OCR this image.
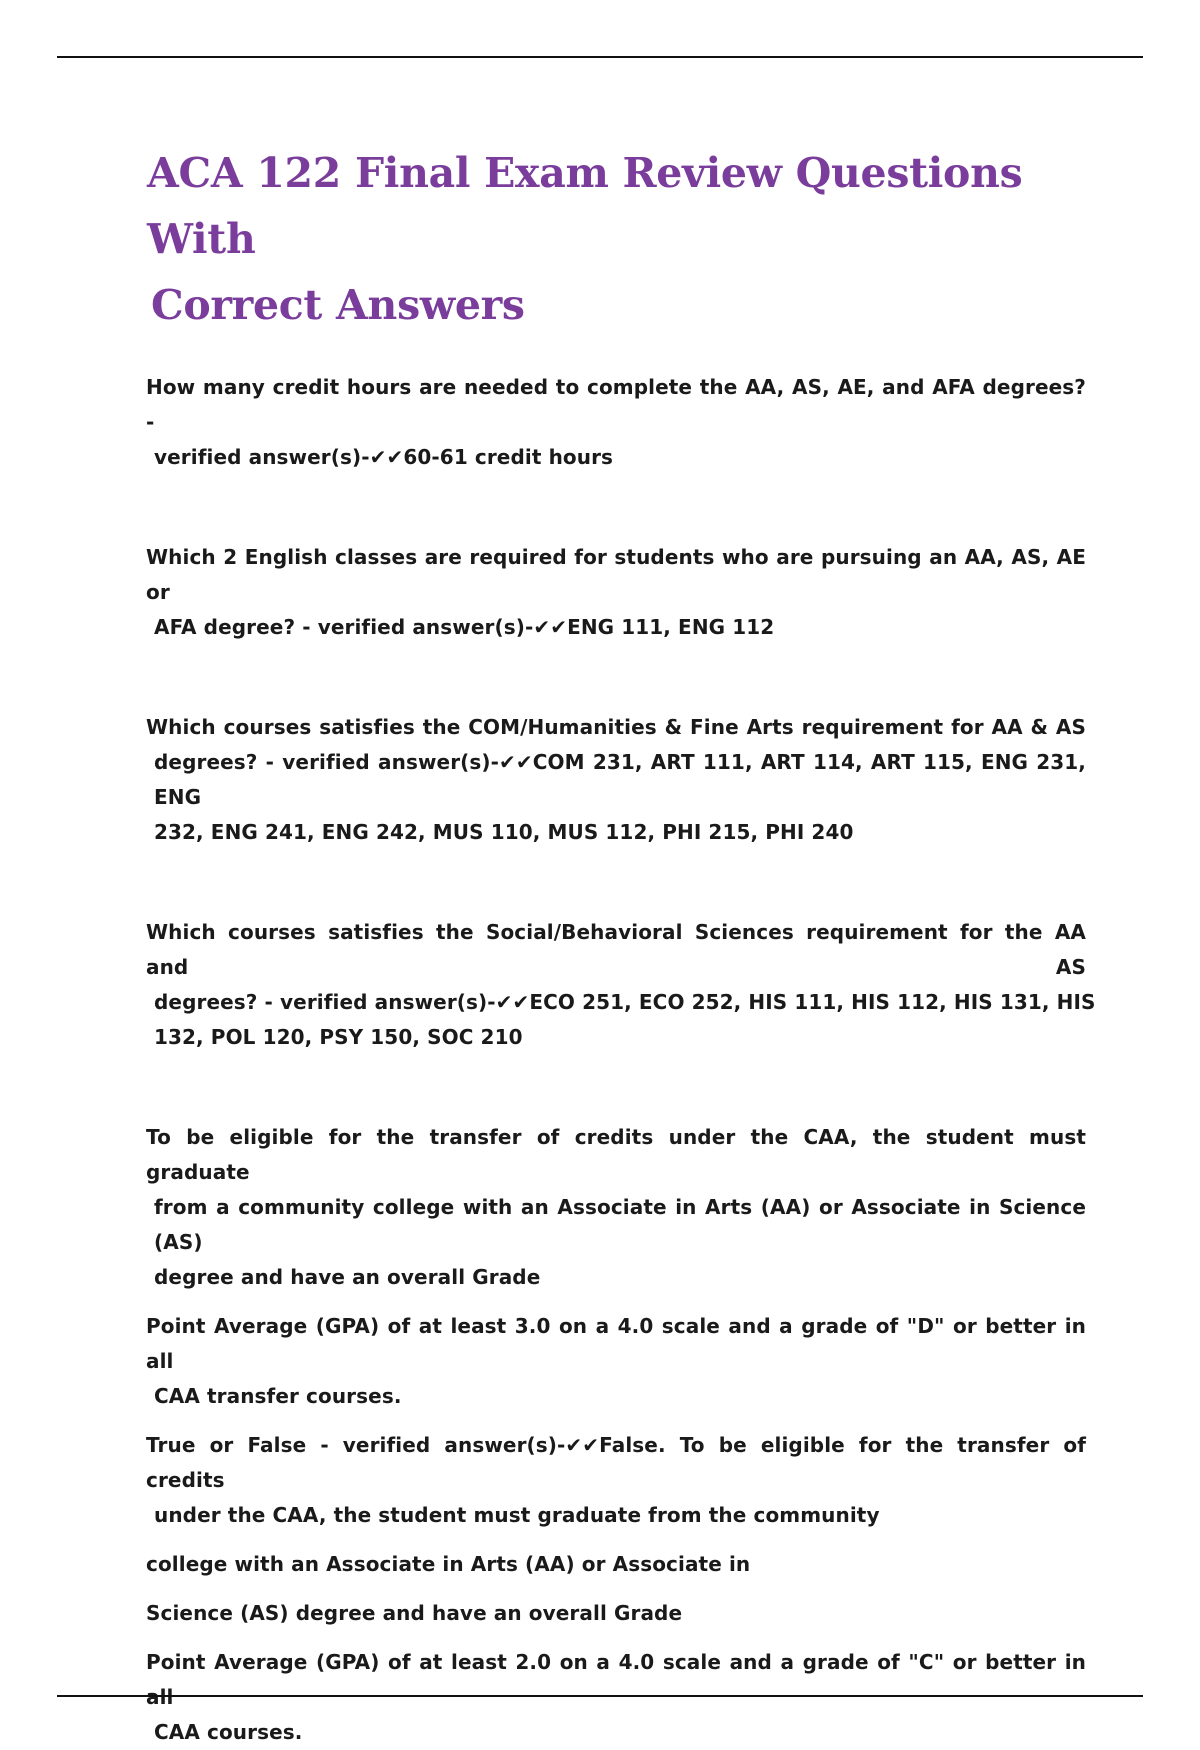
ACA 122 Final Exam Review Questions With
Correct Answers
How many credit hours are needed to complete the AA, AS, AE, and AFA degrees? -
verified answer(s)-✔✔60-61 credit hours
Which 2 English classes are required for students who are pursuing an AA, AS, AE or
AFA degree? - verified answer(s)-✔✔ENG 111, ENG 112
Which courses satisfies the COM/Humanities & Fine Arts requirement for AA & AS
degrees? - verified answer(s)-✔✔COM 231, ART 111, ART 114, ART 115, ENG 231, ENG
232, ENG 241, ENG 242, MUS 110, MUS 112, PHI 215, PHI 240
Which courses satisfies the Social/Behavioral Sciences requirement for the AA and AS
degrees? - verified answer(s)-✔✔ECO 251, ECO 252, HIS 111, HIS 112, HIS 131, HIS
132, POL 120, PSY 150, SOC 210
To be eligible for the transfer of credits under the CAA, the student must graduate
from a community college with an Associate in Arts (AA) or Associate in Science (AS)
degree and have an overall Grade
Point Average (GPA) of at least 3.0 on a 4.0 scale and a grade of "D" or better in all
CAA transfer courses.
True or False - verified answer(s)-✔✔False. To be eligible for the transfer of credits
under the CAA, the student must graduate from the community
college with an Associate in Arts (AA) or Associate in
Science (AS) degree and have an overall Grade
Point Average (GPA) of at least 2.0 on a 4.0 scale and a grade of "C" or better in all
CAA courses.
